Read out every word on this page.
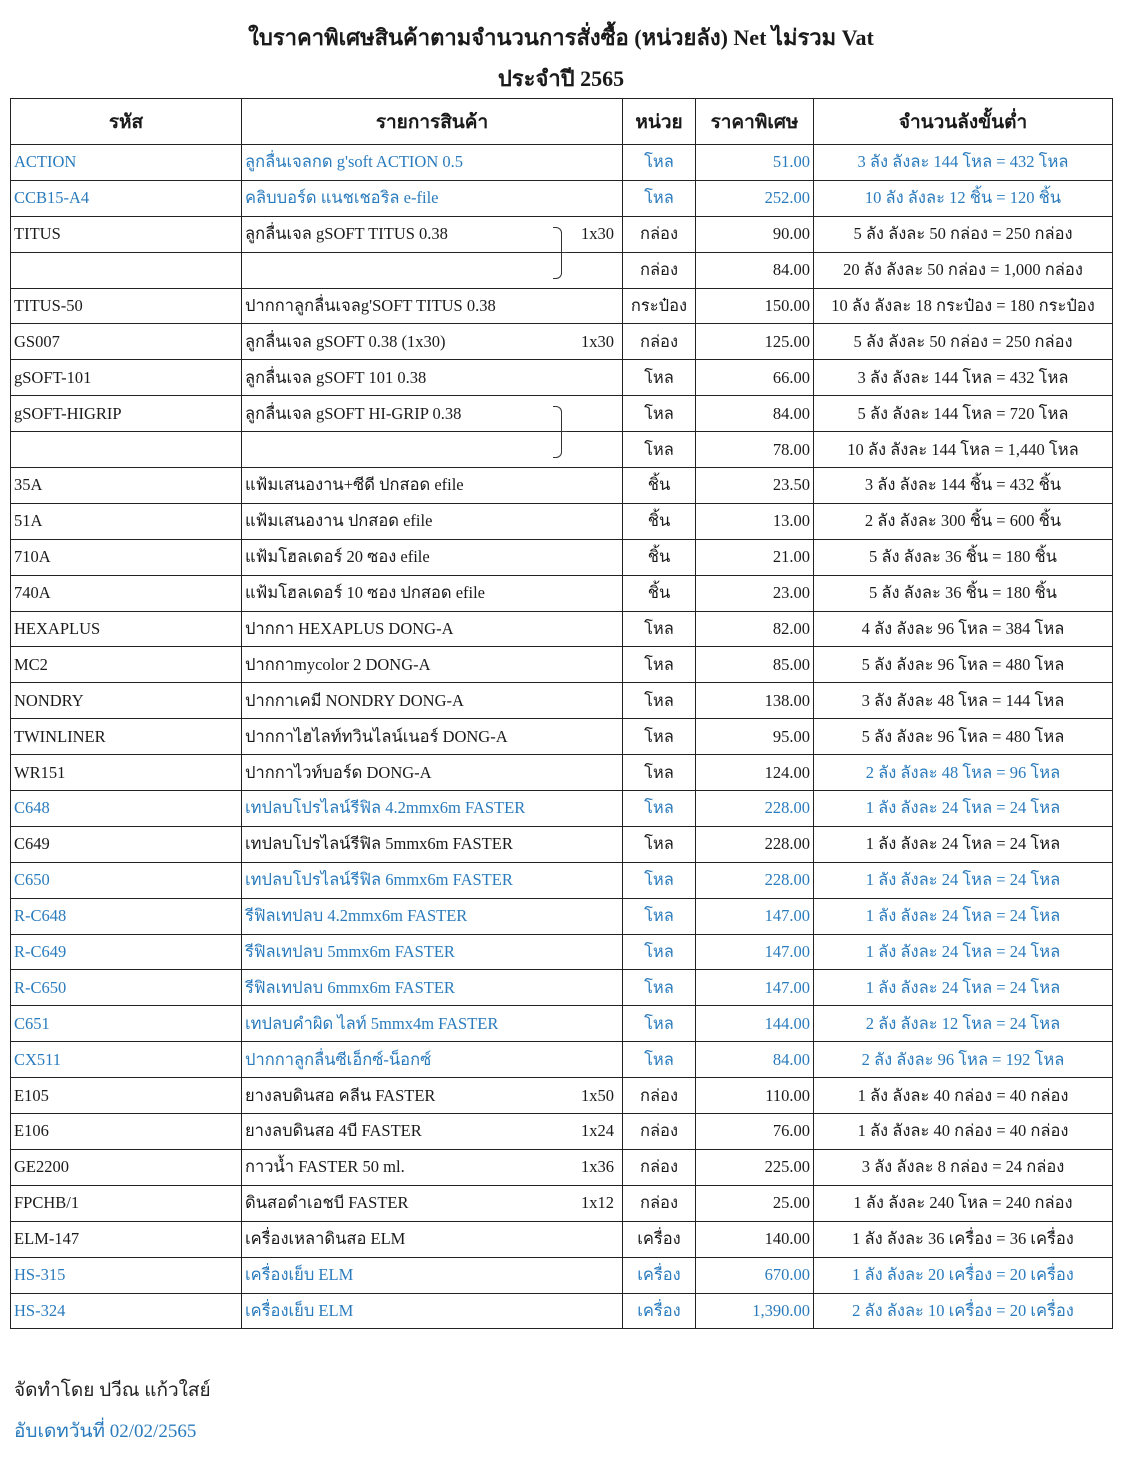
ใบราคาพิเศษสินค้าตามจำนวนการสั่งซื้อ (หน่วยลัง) Net ไม่รวม Vat
ประจำปี 2565
รหัส	รายการสินค้า	หน่วย	ราคาพิเศษ	จำนวนลังขั้นต่ำ
ACTION	ลูกลื่นเจลกด g'soft ACTION 0.5	โหล	51.00	3 ลัง ลังละ 144 โหล = 432 โหล
CCB15-A4	คลิบบอร์ด แนชเชอริล e-file	โหล	252.00	10 ลัง ลังละ 12 ชิ้น = 120 ชิ้น
TITUS	ลูกลื่นเจล gSOFT TITUS 0.38 1x30	กล่อง	90.00	5 ลัง ลังละ 50 กล่อง = 250 กล่อง
		กล่อง	84.00	20 ลัง ลังละ 50 กล่อง = 1,000 กล่อง
TITUS-50	ปากกาลูกลื่นเจลg'SOFT TITUS 0.38	กระป๋อง	150.00	10 ลัง ลังละ 18 กระป๋อง = 180 กระป๋อง
GS007	ลูกลื่นเจล gSOFT 0.38 (1x30) 1x30	กล่อง	125.00	5 ลัง ลังละ 50 กล่อง = 250 กล่อง
gSOFT-101	ลูกลื่นเจล gSOFT 101 0.38	โหล	66.00	3 ลัง ลังละ 144 โหล = 432 โหล
gSOFT-HIGRIP	ลูกลื่นเจล gSOFT HI-GRIP 0.38	โหล	84.00	5 ลัง ลังละ 144 โหล = 720 โหล
		โหล	78.00	10 ลัง ลังละ 144 โหล = 1,440 โหล
35A	แฟ้มเสนองาน+ซีดี ปกสอด efile	ชิ้น	23.50	3 ลัง ลังละ 144 ชิ้น = 432 ชิ้น
51A	แฟ้มเสนองาน ปกสอด efile	ชิ้น	13.00	2 ลัง ลังละ 300 ชิ้น = 600 ชิ้น
710A	แฟ้มโฮลเดอร์ 20 ซอง efile	ชิ้น	21.00	5 ลัง ลังละ 36 ชิ้น = 180 ชิ้น
740A	แฟ้มโฮลเดอร์ 10 ซอง ปกสอด efile	ชิ้น	23.00	5 ลัง ลังละ 36 ชิ้น = 180 ชิ้น
HEXAPLUS	ปากกา HEXAPLUS DONG-A	โหล	82.00	4 ลัง ลังละ 96 โหล = 384 โหล
MC2	ปากกาmycolor 2 DONG-A	โหล	85.00	5 ลัง ลังละ 96 โหล = 480 โหล
NONDRY	ปากกาเคมี NONDRY DONG-A	โหล	138.00	3 ลัง ลังละ 48 โหล = 144 โหล
TWINLINER	ปากกาไฮไลท์ทวินไลน์เนอร์ DONG-A	โหล	95.00	5 ลัง ลังละ 96 โหล = 480 โหล
WR151	ปากกาไวท์บอร์ด DONG-A	โหล	124.00	2 ลัง ลังละ 48 โหล = 96 โหล
C648	เทปลบโปรไลน์รีฟิล 4.2mmx6m FASTER	โหล	228.00	1 ลัง ลังละ 24 โหล = 24 โหล
C649	เทปลบโปรไลน์รีฟิล 5mmx6m FASTER	โหล	228.00	1 ลัง ลังละ 24 โหล = 24 โหล
C650	เทปลบโปรไลน์รีฟิล 6mmx6m FASTER	โหล	228.00	1 ลัง ลังละ 24 โหล = 24 โหล
R-C648	รีฟิลเทปลบ 4.2mmx6m FASTER	โหล	147.00	1 ลัง ลังละ 24 โหล = 24 โหล
R-C649	รีฟิลเทปลบ 5mmx6m FASTER	โหล	147.00	1 ลัง ลังละ 24 โหล = 24 โหล
R-C650	รีฟิลเทปลบ 6mmx6m FASTER	โหล	147.00	1 ลัง ลังละ 24 โหล = 24 โหล
C651	เทปลบคำผิด ไลท์ 5mmx4m FASTER	โหล	144.00	2 ลัง ลังละ 12 โหล = 24 โหล
CX511	ปากกาลูกลื่นซีเอ็กซ์-น็อกซ์	โหล	84.00	2 ลัง ลังละ 96 โหล = 192 โหล
E105	ยางลบดินสอ คลีน FASTER 1x50	กล่อง	110.00	1 ลัง ลังละ 40 กล่อง = 40 กล่อง
E106	ยางลบดินสอ 4บี FASTER 1x24	กล่อง	76.00	1 ลัง ลังละ 40 กล่อง = 40 กล่อง
GE2200	กาวน้ำ FASTER 50 ml. 1x36	กล่อง	225.00	3 ลัง ลังละ 8 กล่อง = 24 กล่อง
FPCHB/1	ดินสอดำเอชบี FASTER 1x12	กล่อง	25.00	1 ลัง ลังละ 240 โหล = 240 กล่อง
ELM-147	เครื่องเหลาดินสอ ELM	เครื่อง	140.00	1 ลัง ลังละ 36 เครื่อง = 36 เครื่อง
HS-315	เครื่องเย็บ ELM	เครื่อง	670.00	1 ลัง ลังละ 20 เครื่อง = 20 เครื่อง
HS-324	เครื่องเย็บ ELM	เครื่อง	1,390.00	2 ลัง ลังละ 10 เครื่อง = 20 เครื่อง
จัดทำโดย ปวีณ แก้วใสย์
อับเดทวันที่ 02/02/2565
